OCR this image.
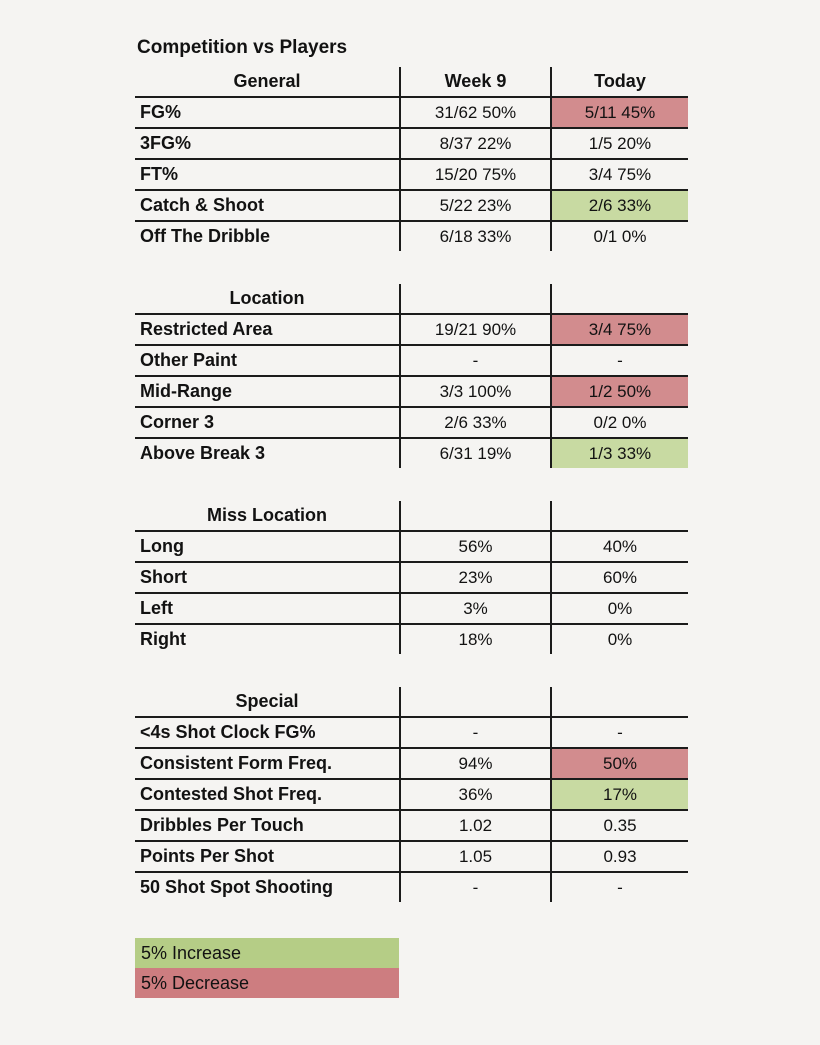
Competition vs Players
General	Week 9	Today
FG%	31/62 50%	5/11 45%
3FG%	8/37 22%	1/5 20%
FT%	15/20 75%	3/4 75%
Catch & Shoot	5/22 23%	2/6 33%
Off The Dribble	6/18 33%	0/1 0%
Location
Restricted Area	19/21 90%	3/4 75%
Other Paint	-	-
Mid-Range	3/3 100%	1/2 50%
Corner 3	2/6 33%	0/2 0%
Above Break 3	6/31 19%	1/3 33%
Miss Location
Long	56%	40%
Short	23%	60%
Left	3%	0%
Right	18%	0%
Special
<4s Shot Clock FG%	-	-
Consistent Form Freq.	94%	50%
Contested Shot Freq.	36%	17%
Dribbles Per Touch	1.02	0.35
Points Per Shot	1.05	0.93
50 Shot Spot Shooting	-	-
5% Increase
5% Decrease
